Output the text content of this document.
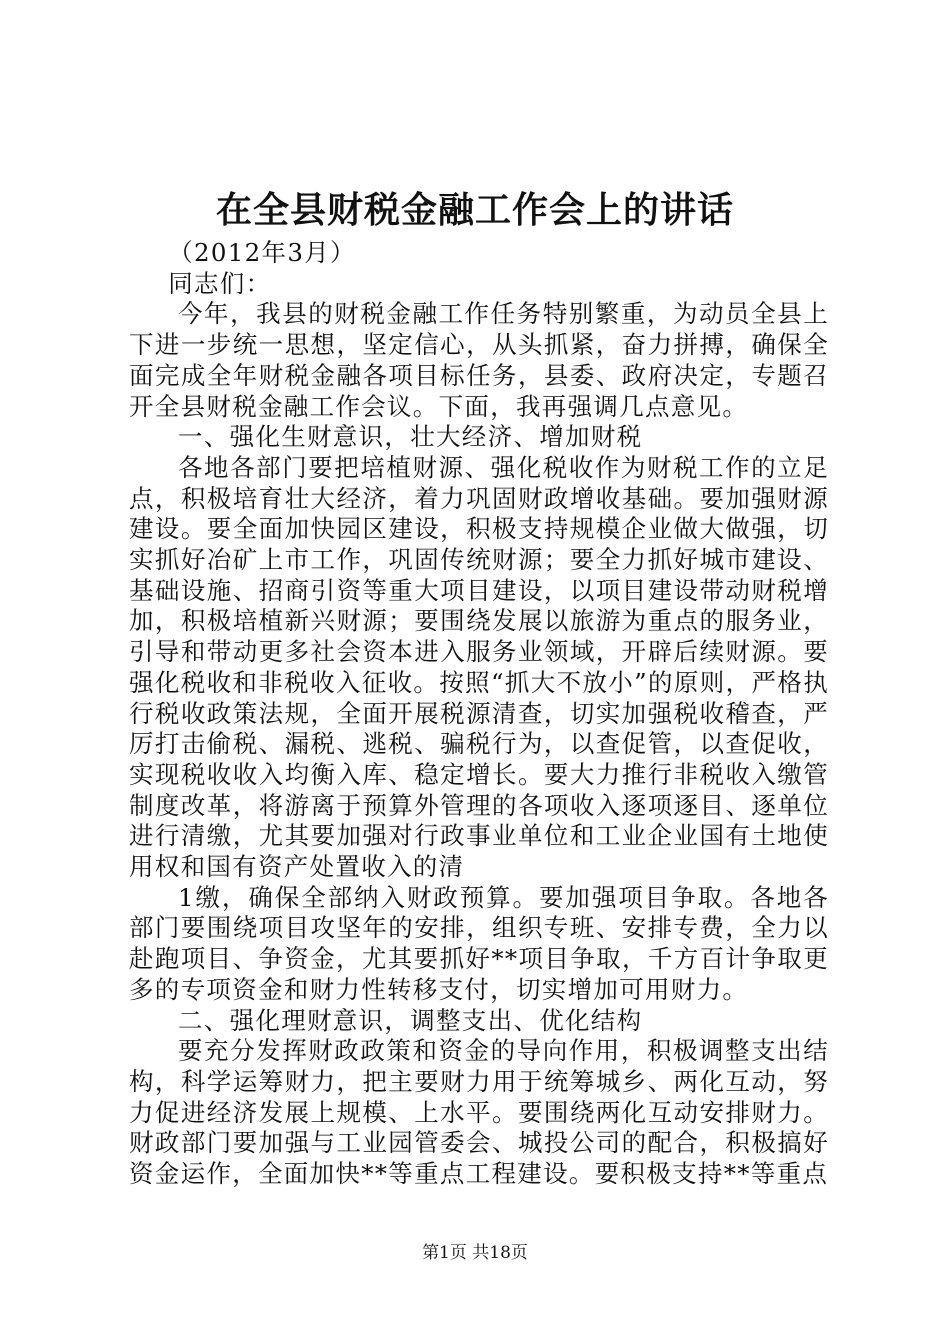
在全县财税金融工作会上的讲话

（2012年3月）

同志们：

今年，我县的财税金融工作任务特别繁重，为动员全县上下进一步统一思想，坚定信心，从头抓紧，奋力拼搏，确保全面完成全年财税金融各项目标任务，县委、政府决定，专题召开全县财税金融工作会议。下面，我再强调几点意见。

一、强化生财意识，壮大经济、增加财税

各地各部门要把培植财源、强化税收作为财税工作的立足点，积极培育壮大经济，着力巩固财政增收基础。要加强财源建设。要全面加快园区建设，积极支持规模企业做大做强，切实抓好冶矿上市工作，巩固传统财源；要全力抓好城市建设、基础设施、招商引资等重大项目建设，以项目建设带动财税增加，积极培植新兴财源；要围绕发展以旅游为重点的服务业，引导和带动更多社会资本进入服务业领域，开辟后续财源。要强化税收和非税收入征收。按照“抓大不放小”的原则，严格执行税收政策法规，全面开展税源清查，切实加强税收稽查，严厉打击偷税、漏税、逃税、骗税行为，以查促管，以查促收，实现税收收入均衡入库、稳定增长。要大力推行非税收入缴管制度改革，将游离于预算外管理的各项收入逐项逐目、逐单位进行清缴，尤其要加强对行政事业单位和工业企业国有土地使用权和国有资产处置收入的清

1缴，确保全部纳入财政预算。要加强项目争取。各地各部门要围绕项目攻坚年的安排，组织专班、安排专费，全力以赴跑项目、争资金，尤其要抓好**项目争取，千方百计争取更多的专项资金和财力性转移支付，切实增加可用财力。

二、强化理财意识，调整支出、优化结构

要充分发挥财政政策和资金的导向作用，积极调整支出结构，科学运筹财力，把主要财力用于统筹城乡、两化互动，努力促进经济发展上规模、上水平。要围绕两化互动安排财力。财政部门要加强与工业园管委会、城投公司的配合，积极搞好资金运作，全面加快**等重点工程建设。要积极支持**等重点

第1页 共18页
